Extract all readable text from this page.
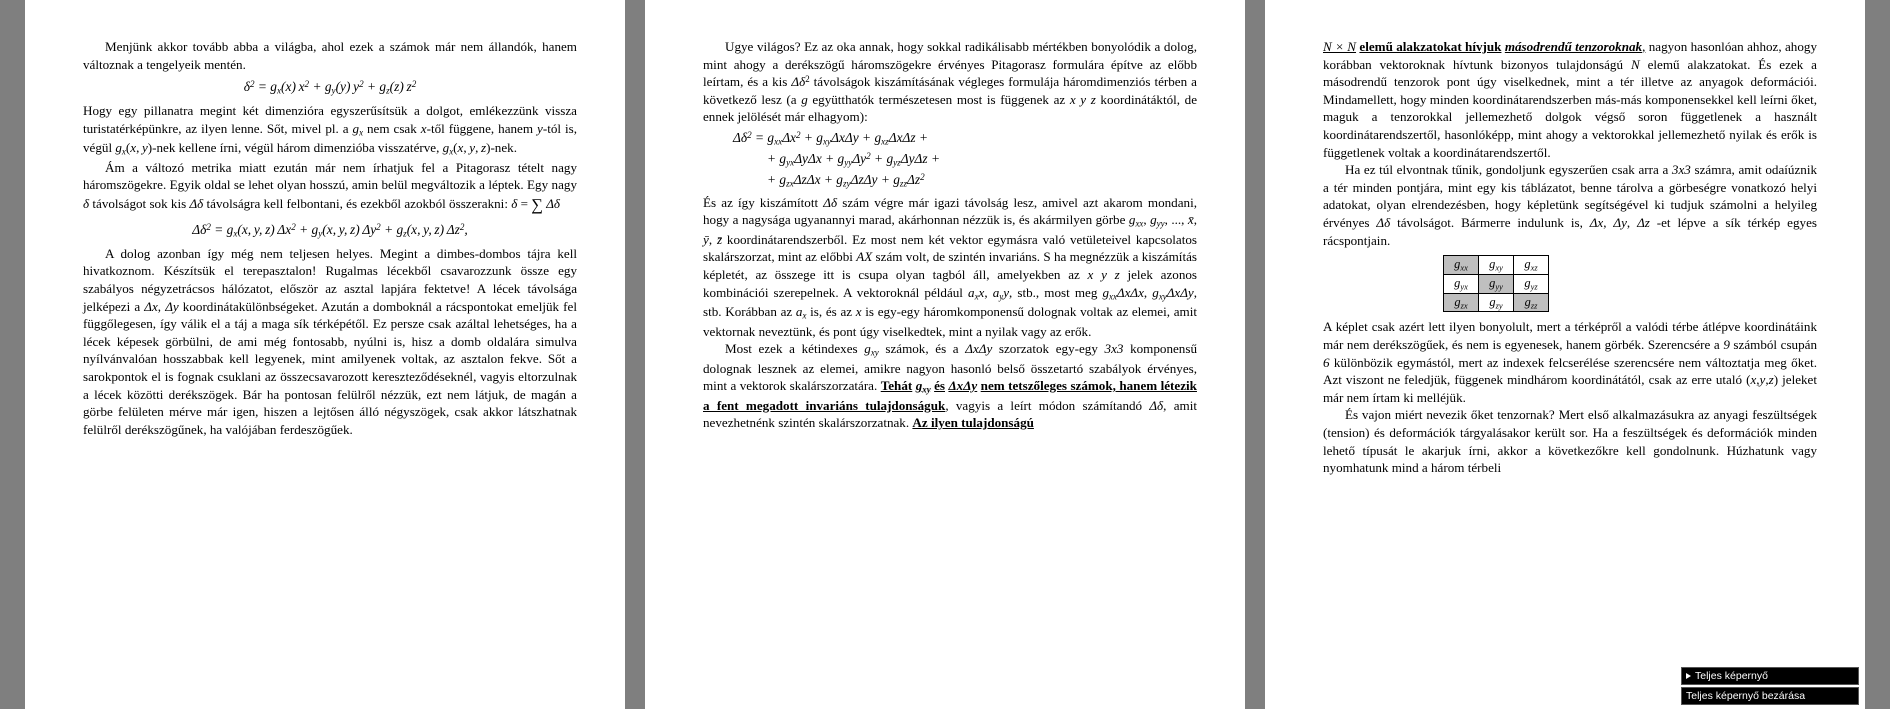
Menjünk akkor tovább abba a világba, ahol ezek a számok már nem állandók, hanem változnak a tengelyeik mentén.

$\delta^2 = g_x(x) x^2 + g_y(y) y^2 + g_z(z)$ $z^2$

Hogy egy pillanatra megint két dimenzióra egyszerűsítsük a dolgot, emlékezzünk vissza turistatérképünkre, az ilyen lenne. Sőt, mivel pl. a $g_x$ nem csak x-től függene, hanem y-tól is, végül $g_x(x$, y)-nek kellene írni, végül három dimenzióba visszatérve, $g_x(x$, y, z)-nek.

Ám a változó metrika miatt ezután már nem írhatjuk fel a Pitagorasz tételt nagy háromszögekre. Egyik oldal se lehet olyan hosszú, amin belül megváltozik a léptek. Egy nagy δ távolságot sok kis Δδ távolságra kell felbontani, és ezekből azokból összerakni: δ = ∑ Δδ

$\Delta\delta^2 = g_x(x$, y, z) $\Delta x^2 + g_y(x$, y, z) $\Delta y^2 + g_z(x$, y, z) $\Delta z^2$,

A dolog azonban így még nem teljesen helyes. Megint a dimbes-dombos tájra kell hivatkoznom. Készítsük el terepasztalon! Rugalmas lécekből csavarozzunk össze egy szabályos négyzetrácsos hálózatot, először az asztal lapjára fektetve! A lécek távolsága jelképezi a Δx, Δy koordinátakülönbségeket. Azután a domboknál a rácspontokat emeljük fel függőlegesen, így válik el a táj a maga sík térképétől. Ez persze csak azáltal lehetséges, ha a lécek képesek görbülni, de ami még fontosabb, nyúlni is, hisz a domb oldalára simulva nyílvánvalóan hosszabbak kell legyenek, mint amilyenek voltak, az asztalon fekve. Sőt a sarokpontok el is fognak csuklani az összecsavarozott kereszteződéseknél, vagyis eltorzulnak a lécek közötti derékszögek. Bár ha pontosan felülről nézzük, ezt nem látjuk, de magán a görbe felületen mérve már igen, hiszen a lejtősen álló négyszögek, csak akkor látszhatnak felülről derékszögűnek, ha valójában ferdeszögűek.

Ugye világos? Ez az oka annak, hogy sokkal radikálisabb mértékben bonyolódik a dolog, mint ahogy a derékszögű háromszögekre érvényes Pitagorasz formulára építve az előbb leírtam, és a kis $\Delta\delta^2$ távolságok kiszámításának végleges formulája háromdimenziós térben a következő lesz (a g együtthatók természetesen most is függenek az x y z koordinátáktól, de ennek jelölését már elhagyom):

$\Delta\delta^2 = g_{xx}\Delta x^2 + g_{xy}\Delta x\Delta y + g_{xz}\Delta x\Delta z$ +
+ $g_{yx}\Delta y\Delta x + g_{yy}\Delta y^2 + g_{yz}\Delta y\Delta z$ +
+ $g_{zx}\Delta z\Delta x + g_{zy}\Delta z\Delta y + g_{zz}\Delta z^2$

És az így kiszámított Δδ szám végre már igazi távolság lesz, amivel azt akarom mondani, hogy a nagysága ugyanannyi marad, akárhonnan nézzük is, és akármilyen görbe $g_{xx}$, $g_{yy}$, ..., x̄, ȳ, z̄ koordinátarendszerből. Ez most nem két vektor egymásra való vetületeivel kapcsolatos skalárszorzat, mint az előbbi AX szám volt, de szintén invariáns. S ha megnézzük a kiszámítás képletét, az összege itt is csupa olyan tagból áll, amelyekben az x y z jelek azonos kombinációi szerepelnek. A vektoroknál például $a_xx$, $a_yy$, stb., most meg $g_{xx}\Delta x\Delta x$, $g_{xy}\Delta x\Delta y$, stb. Korábban az $a_x$ is, és az x is egy-egy háromkomponensű dolognak voltak az elemei, amit vektornak neveztünk, és pont úgy viselkedtek, mint a nyilak vagy az erők.

Most ezek a kétindexes $g_{xy}$ számok, és a ΔxΔy szorzatok egy-egy 3x3 komponensű dolognak lesznek az elemei, amikre nagyon hasonló belső összetartó szabályok érvényes, mint a vektorok skalárszorzatára. Tehát $g_{xy}$ és ΔxΔy nem tetszőleges számok, hanem létezik a fent megadott invariáns tulajdonságuk, vagyis a leírt módon számítandó Δδ, amit nevezhetnénk szintén skalárszorzatnak. Az ilyen tulajdonságú

N × N elemű alakzatokat hívjuk másodrendű tenzoroknak, nagyon hasonlóan ahhoz, ahogy korábban vektoroknak hívtunk bizonyos tulajdonságú N elemű alakzatokat. És ezek a másodrendű tenzorok pont úgy viselkednek, mint a tér illetve az anyagok deformációi. Mindamellett, hogy minden koordinátarendszerben más-más komponensekkel kell leírni őket, maguk a tenzorokkal jellemezhető dolgok végső soron függetlenek a használt koordinátarendszertől, hasonlóképp, mint ahogy a vektorokkal jellemezhető nyilak és erők is függetlenek voltak a koordinátarendszertől.

Ha ez túl elvontnak tűnik, gondoljunk egyszerűen csak arra a 3x3 számra, amit odaíúznik a tér minden pontjára, mint egy kis táblázatot, benne tárolva a görbeségre vonatkozó helyi adatokat, olyan elrendezésben, hogy képletünk segítségével ki tudjuk számolni a helyileg érvényes Δδ távolságot. Bármerre indulunk is, Δx, Δy, Δz -et lépve a sík térkép egyes rácspontjain.

$g_{xx}$	$g_{xy}$	$g_{xz}$
$g_{yx}$	$g_{yy}$	$g_{yz}$
$g_{zx}$	$g_{zy}$	$g_{zz}$

A képlet csak azért lett ilyen bonyolult, mert a térképről a valódi térbe átlépve koordinátáink már nem derékszögűek, és nem is egyenesek, hanem görbék. Szerencsére a 9 számból csupán 6 különbözik egymástól, mert az indexek felcserélése szerencsére nem változtatja meg őket. Azt viszont ne feledjük, függenek mindhárom koordinátától, csak az erre utaló (x,y,z) jeleket már nem írtam ki melléjük.

És vajon miért nevezik őket tenzornak? Mert első alkalmazásukra az anyagi feszültségek (tension) és deformációk tárgyalásakor került sor. Ha a feszültségek és deformációk minden lehető típusát le akarjuk írni, akkor a következőkre kell gondolnunk. Húzhatunk vagy nyomhatunk mind a három térbeli

Teljes képernyő
Teljes képernyő bezárása
